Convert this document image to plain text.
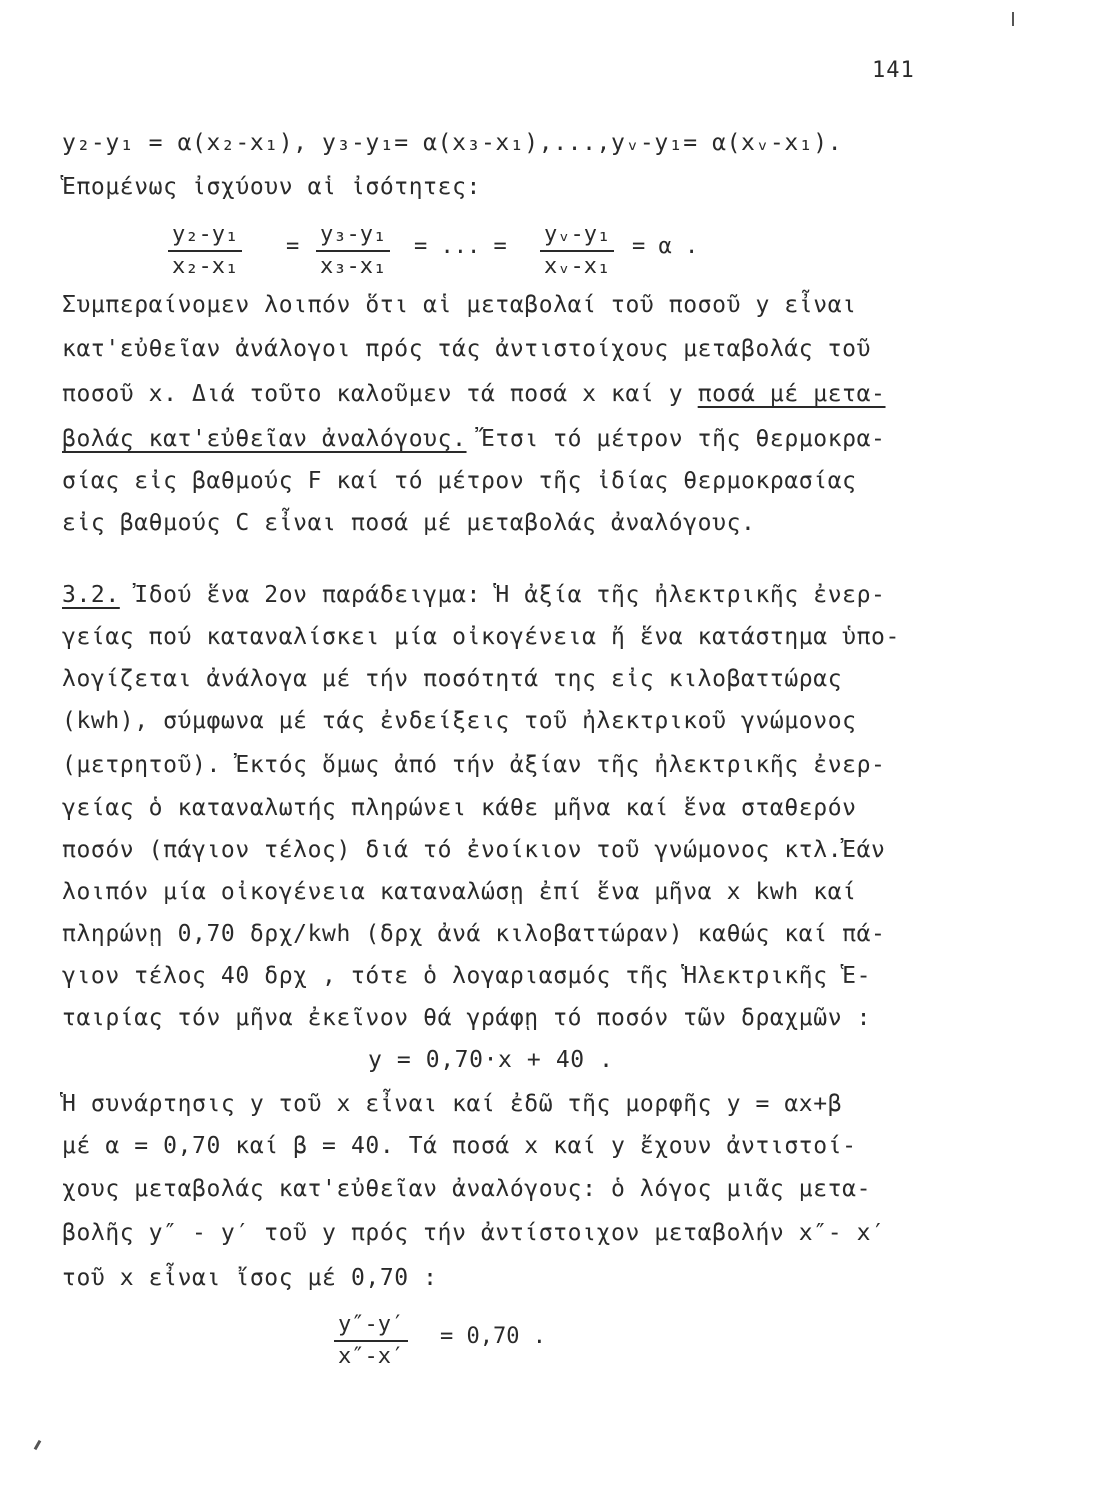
141
y₂-y₁ = α(x₂-x₁), y₃-y₁= α(x₃-x₁),...,yᵥ-y₁= α(xᵥ-x₁).
Ἑπομένως ἰσχύουν αἱ ἰσότητες:
$\frac{\text{y₂-y₁}}{\text{x₂-x₁}} = \frac{\text{y₃-y₁}}{\text{x₃-x₁}}$ = ... = $\frac{\text{yᵥ-y₁}}{\text{xᵥ-x₁}} = \alpha$ .
Συμπεραίνομεν λοιπόν ὅτι αἱ μεταβολαί τοῦ ποσοῦ y εἶναι
κατ'εὐθεῖαν ἀνάλογοι πρός τάς ἀντιστοίχους μεταβολάς τοῦ
ποσοῦ x. Διά τοῦτο καλοῦμεν τά ποσά x καί y ποσά μέ μετα-
βολάς κατ'εὐθεῖαν ἀναλόγους. Ἔτσι τό μέτρον τῆς θερμοκρα-
σίας εἰς βαθμούς F καί τό μέτρον τῆς ἰδίας θερμοκρασίας
εἰς βαθμούς C εἶναι ποσά μέ μεταβολάς ἀναλόγους.
3.2. Ἰδού ἕνα 2ον παράδειγμα: Ἡ ἀξία τῆς ἠλεκτρικῆς ἐνερ-
γείας πού καταναλίσκει μία οἰκογένεια ἤ ἕνα κατάστημα ὑπο-
λογίζεται ἀνάλογα μέ τήν ποσότητά της εἰς κιλοβαττώρας
(kwh), σύμφωνα μέ τάς ἐνδείξεις τοῦ ἠλεκτρικοῦ γνώμονος
(μετρητοῦ). Ἐκτός ὅμως ἀπό τήν ἀξίαν τῆς ἠλεκτρικῆς ἐνερ-
γείας ὁ καταναλωτής πληρώνει κάθε μῆνα καί ἕνα σταθερόν
ποσόν (πάγιον τέλος) διά τό ἐνοίκιον τοῦ γνώμονος κτλ.Ἐάν
λοιπόν μία οἰκογένεια καταναλώσῃ ἐπί ἕνα μῆνα x kwh καί
πληρώνῃ 0,70 δρχ/kwh (δρχ ἀνά κιλοβαττώραν) καθώς καί πά-
γιον τέλος 40 δρχ , τότε ὁ λογαριασμός τῆς Ἡλεκτρικῆς Ἑ-
ταιρίας τόν μῆνα ἐκεῖνον θά γράφῃ τό ποσόν τῶν δραχμῶν :
y = 0,70·x + 40 .
Ἡ συνάρτησις y τοῦ x εἶναι καί ἐδῶ τῆς μορφῆς y = αx+β
μέ α = 0,70 καί β = 40. Τά ποσά x καί y ἔχουν ἀντιστοί-
χους μεταβολάς κατ'εὐθεῖαν ἀναλόγους: ὁ λόγος μιᾶς μετα-
βολῆς y″ - y′ τοῦ y πρός τήν ἀντίστοιχον μεταβολήν x″- x′
τοῦ x εἶναι ἴσος μέ 0,70 :
$\frac{y''-y'}{x''-x'} = 0,70$ .
